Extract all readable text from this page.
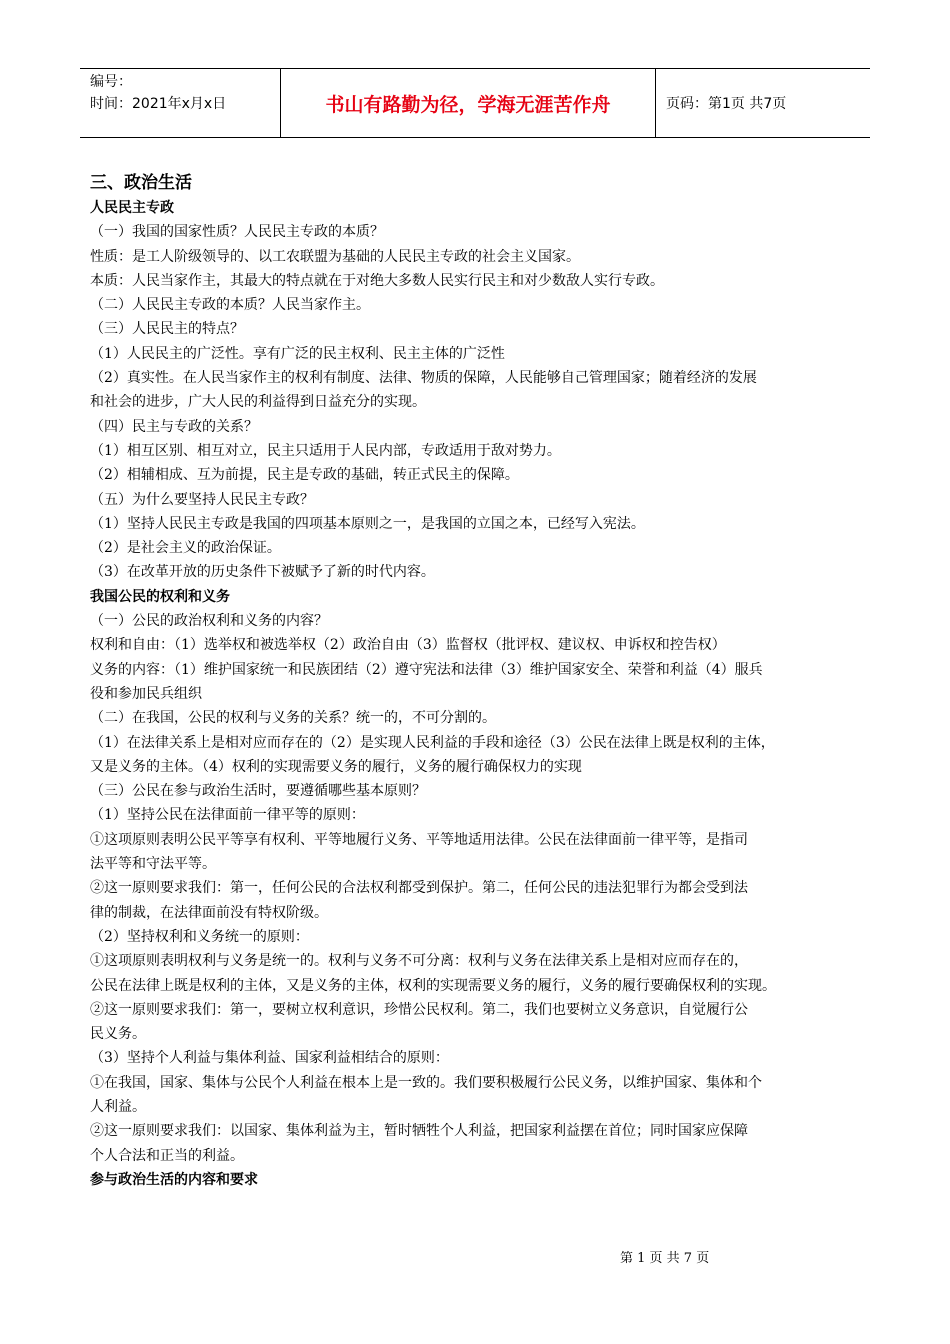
编号：
时间：2021年x月x日	书山有路勤为径，学海无涯苦作舟	页码：第1页 共7页
三、政治生活
人民民主专政
（一）我国的国家性质？人民民主专政的本质？
性质：是工人阶级领导的、以工农联盟为基础的人民民主专政的社会主义国家。
本质：人民当家作主，其最大的特点就在于对绝大多数人民实行民主和对少数敌人实行专政。
（二）人民民主专政的本质？人民当家作主。
（三）人民民主的特点？
（1）人民民主的广泛性。享有广泛的民主权利、民主主体的广泛性
（2）真实性。在人民当家作主的权利有制度、法律、物质的保障，人民能够自己管理国家；随着经济的发展
和社会的进步，广大人民的利益得到日益充分的实现。
（四）民主与专政的关系？
（1）相互区别、相互对立，民主只适用于人民内部，专政适用于敌对势力。
（2）相辅相成、互为前提，民主是专政的基础，转正式民主的保障。
（五）为什么要坚持人民民主专政？
（1）坚持人民民主专政是我国的四项基本原则之一，是我国的立国之本，已经写入宪法。
（2）是社会主义的政治保证。
（3）在改革开放的历史条件下被赋予了新的时代内容。
我国公民的权利和义务
（一）公民的政治权利和义务的内容？
权利和自由：（1）选举权和被选举权（2）政治自由（3）监督权（批评权、建议权、申诉权和控告权）
义务的内容：（1）维护国家统一和民族团结（2）遵守宪法和法律（3）维护国家安全、荣誉和利益（4）服兵
役和参加民兵组织
（二）在我国，公民的权利与义务的关系？统一的，不可分割的。
（1）在法律关系上是相对应而存在的（2）是实现人民利益的手段和途径（3）公民在法律上既是权利的主体，
又是义务的主体。（4）权利的实现需要义务的履行，义务的履行确保权力的实现
（三）公民在参与政治生活时，要遵循哪些基本原则？
（1）坚持公民在法律面前一律平等的原则：
①这项原则表明公民平等享有权利、平等地履行义务、平等地适用法律。公民在法律面前一律平等，是指司
法平等和守法平等。
②这一原则要求我们：第一，任何公民的合法权利都受到保护。第二，任何公民的违法犯罪行为都会受到法
律的制裁，在法律面前没有特权阶级。
（2）坚持权利和义务统一的原则：
①这项原则表明权利与义务是统一的。权利与义务不可分离：权利与义务在法律关系上是相对应而存在的，
公民在法律上既是权利的主体，又是义务的主体，权利的实现需要义务的履行，义务的履行要确保权利的实现。
②这一原则要求我们：第一，要树立权利意识，珍惜公民权利。第二，我们也要树立义务意识，自觉履行公
民义务。
（3）坚持个人利益与集体利益、国家利益相结合的原则：
①在我国，国家、集体与公民个人利益在根本上是一致的。我们要积极履行公民义务，以维护国家、集体和个
人利益。
②这一原则要求我们：以国家、集体利益为主，暂时牺牲个人利益，把国家利益摆在首位；同时国家应保障
个人合法和正当的利益。
参与政治生活的内容和要求
第 1 页 共 7 页
